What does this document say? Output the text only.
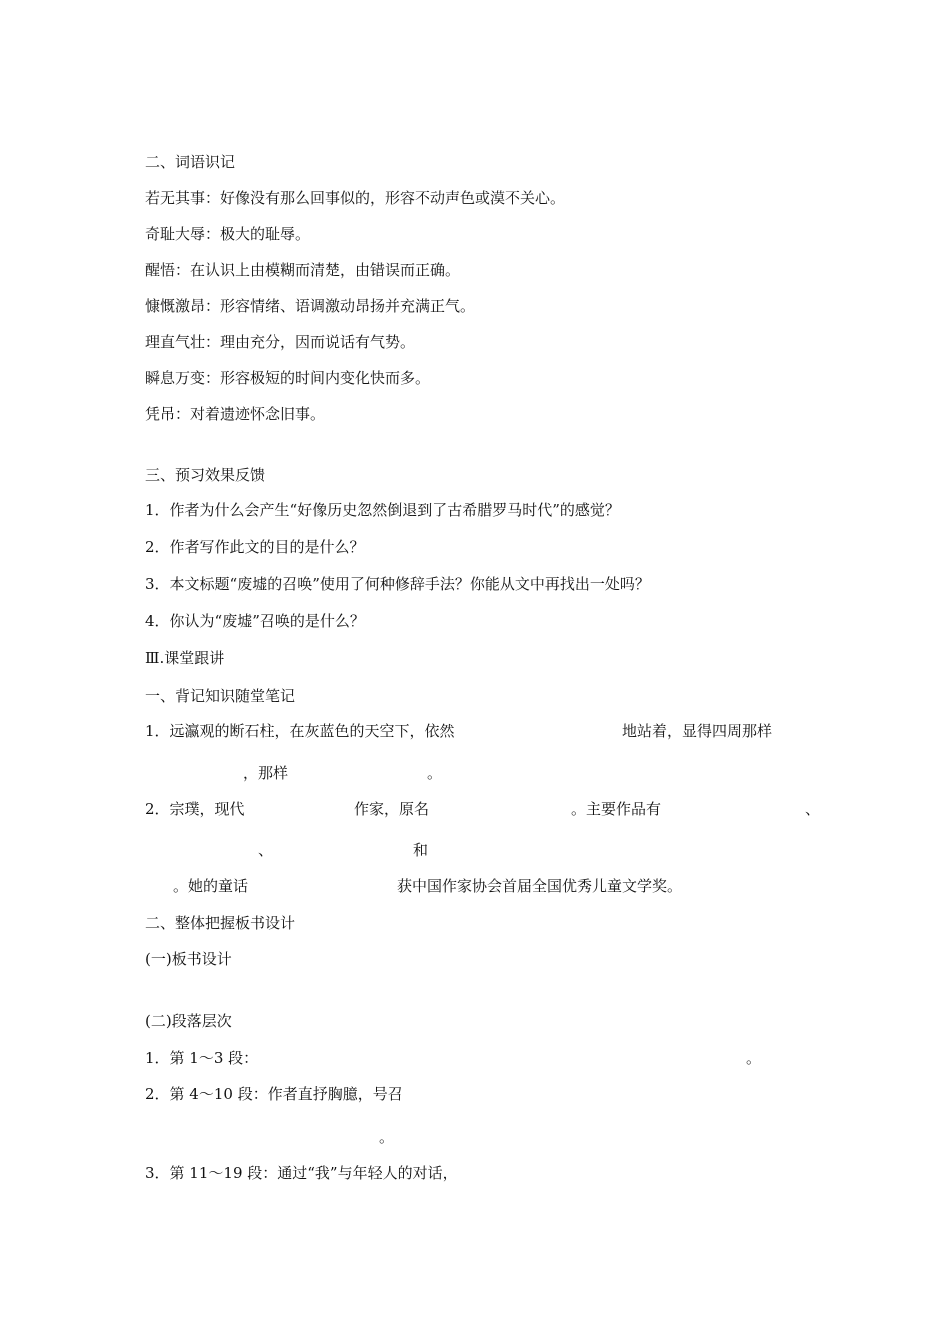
二、词语识记
若无其事：好像没有那么回事似的，形容不动声色或漠不关心。
奇耻大辱：极大的耻辱。
醒悟：在认识上由模糊而清楚，由错误而正确。
慷慨激昂：形容情绪、语调激动昂扬并充满正气。
理直气壮：理由充分，因而说话有气势。
瞬息万变：形容极短的时间内变化快而多。
凭吊：对着遗迹怀念旧事。
三、预习效果反馈
1．作者为什么会产生“好像历史忽然倒退到了古希腊罗马时代”的感觉？
2．作者写作此文的目的是什么？
3．本文标题“废墟的召唤”使用了何种修辞手法？你能从文中再找出一处吗？
4．你认为“废墟”召唤的是什么？
Ⅲ.课堂跟讲
一、背记知识随堂笔记
1．远瀛观的断石柱，在灰蓝色的天空下，依然	地站着，显得四周那样
，那样	。
2．宗璞，现代	作家，原名	。主要作品有	、
、	和
。她的童话	获中国作家协会首届全国优秀儿童文学奖。
二、整体把握板书设计
(一)板书设计
(二)段落层次
1．第 1～3 段：	。
2．第 4～10 段：作者直抒胸臆，号召
。
3．第 11～19 段：通过“我”与年轻人的对话，
